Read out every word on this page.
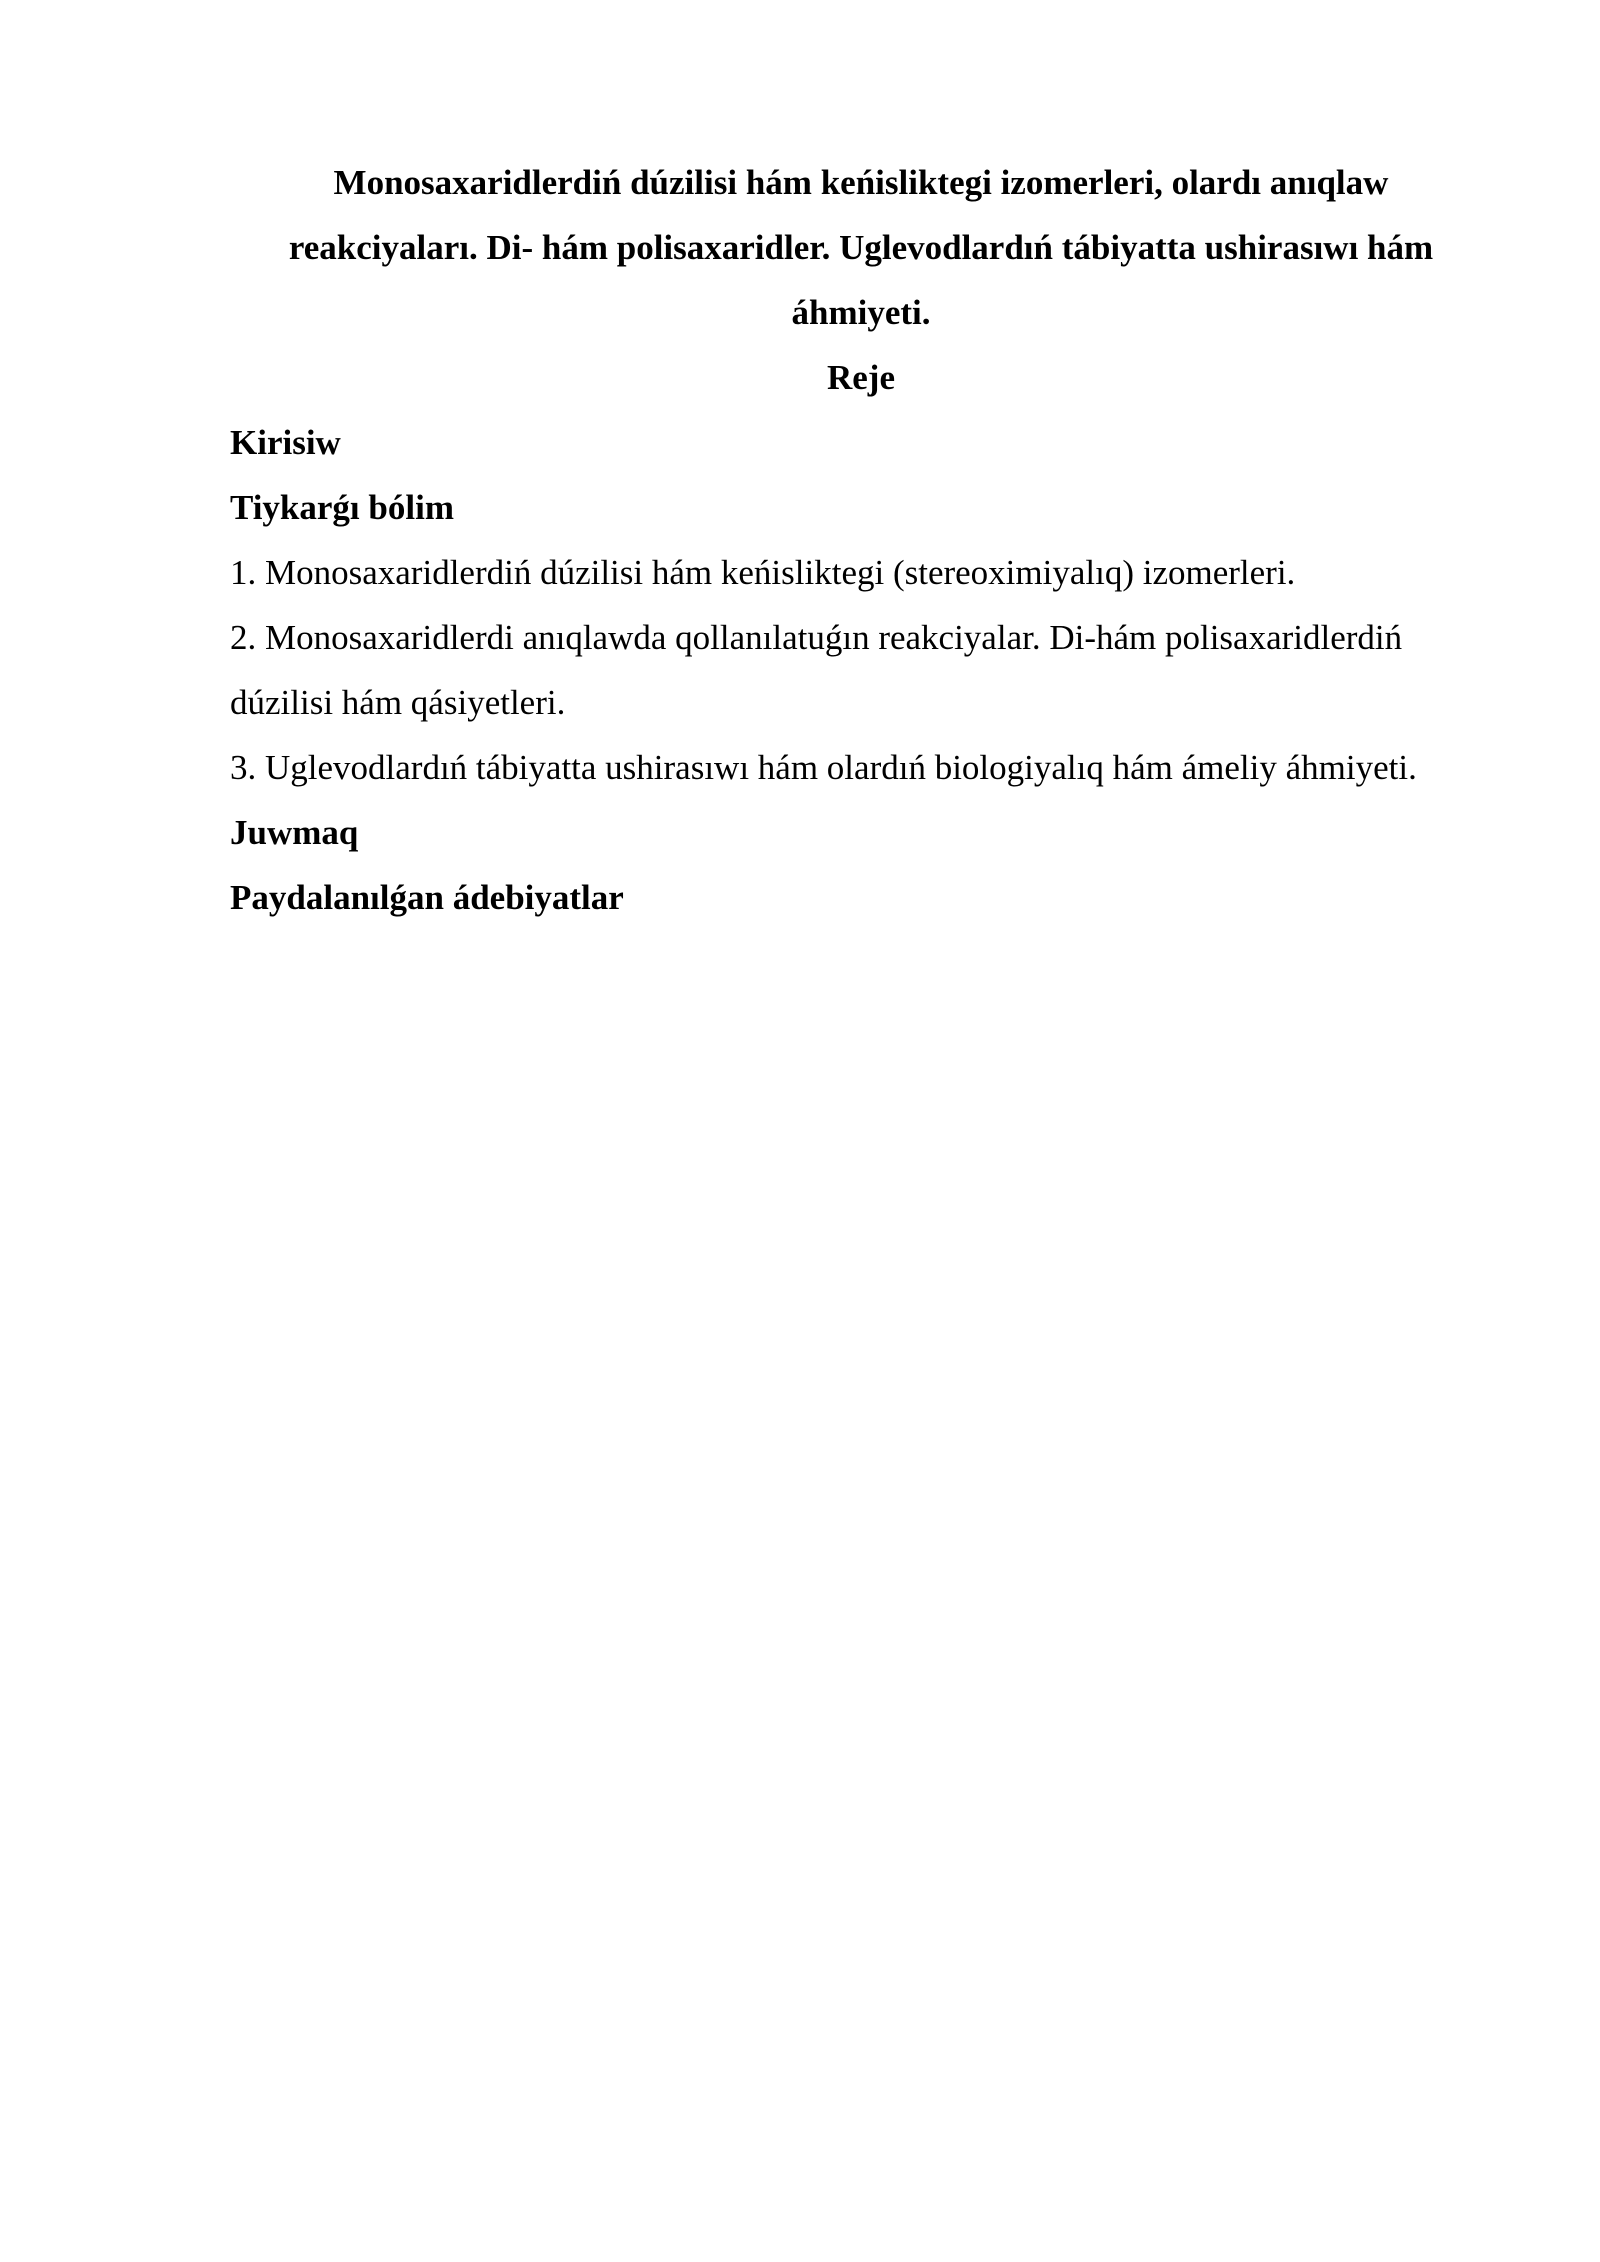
Monosaxaridlerdiń dúzilisi hám keńisliktegi izomerleri, olardı anıqlaw
reakciyaları. Di- hám polisaxaridler. Uglevodlardıń tábiyatta ushirasıwı hám
áhmiyeti.
Reje
Kirisiw
Tiykarǵı bólim
1. Monosaxaridlerdiń dúzilisi hám keńisliktegi (stereoximiyalıq) izomerleri.
2. Monosaxaridlerdi anıqlawda qollanılatuǵın reakciyalar. Di-hám polisaxaridlerdiń
dúzilisi hám qásiyetleri.
3. Uglevodlardıń tábiyatta ushirasıwı hám olardıń biologiyalıq hám ámeliy áhmiyeti.
Juwmaq
Paydalanılǵan ádebiyatlar
